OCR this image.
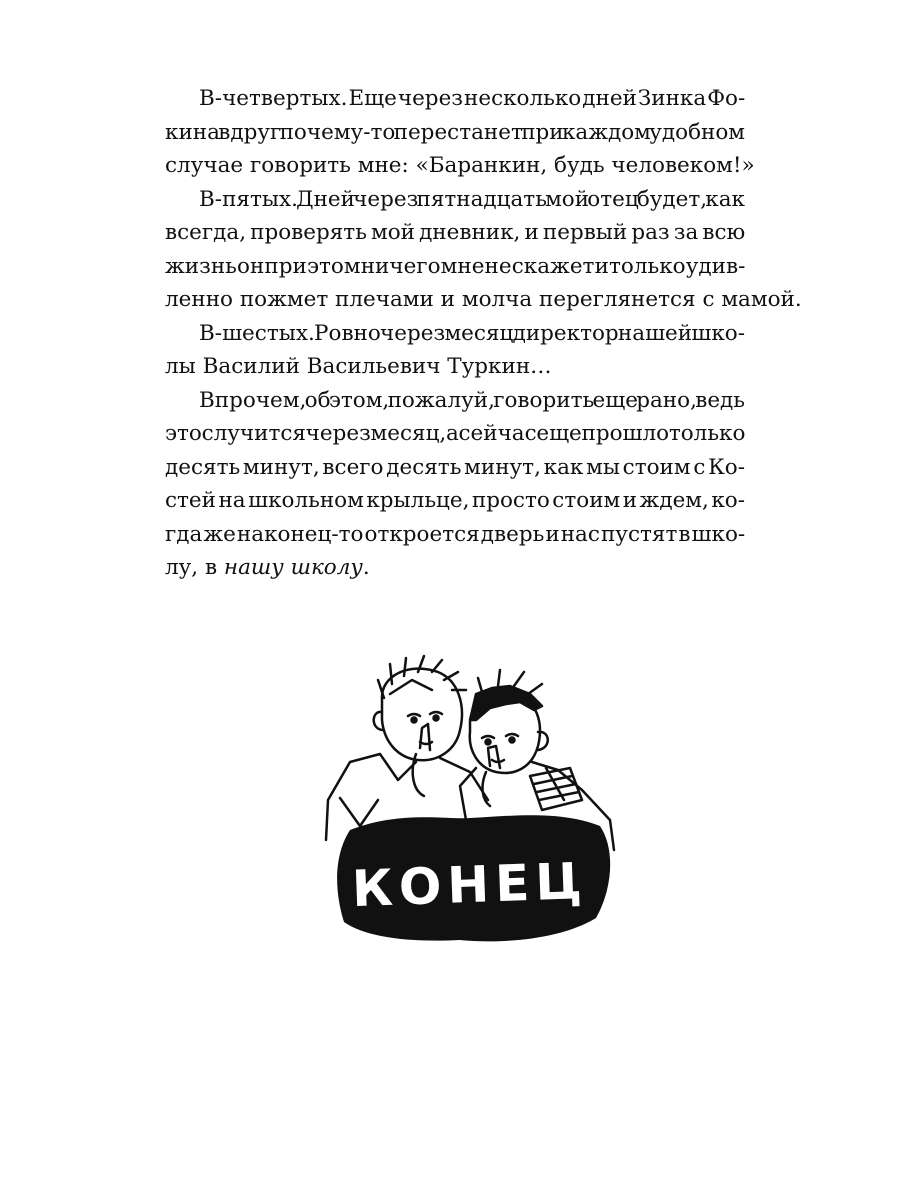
В-четвертых. Еще через несколько дней Зинка Фо-
кина вдруг почему-то перестанет при каждом удобном
случае говорить мне: «Баранкин, будь человеком!»
В-пятых. Дней через пятнадцать мой отец будет, как
всегда, проверять мой дневник, и первый раз за всю
жизнь он при этом ничего мне не скажет и только удив-
ленно пожмет плечами и молча переглянется с мамой.
В-шестых. Ровно через месяц директор нашей шко-
лы Василий Васильевич Туркин…
Впрочем, об этом, пожалуй, говорить еще рано, ведь
это случится через месяц, а сейчас еще прошло только
десять минут, всего десять минут, как мы стоим с Ко-
стей на школьном крыльце, просто стоим и ждем, ко-
гда же наконец-то откроется дверь и нас пустят в шко-
лу, в нашу школу.
КОНЕЦ
